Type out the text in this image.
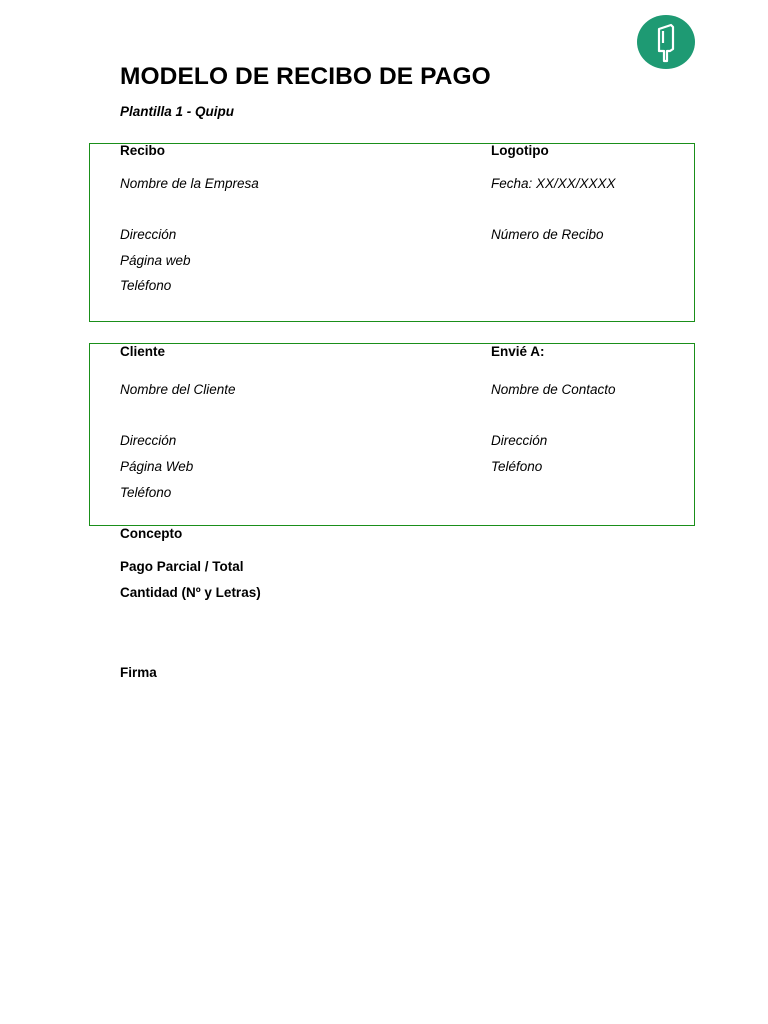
MODELO DE RECIBO DE PAGO
Plantilla 1 - Quipu
Recibo	Logotipo
Nombre de la Empresa	Fecha: XX/XX/XXXX
Dirección	Número de Recibo
Página web
Teléfono
Cliente	Envié A:
Nombre del Cliente	Nombre de Contacto
Dirección	Dirección
Página Web	Teléfono
Teléfono
Concepto
Pago Parcial / Total
Cantidad (Nº y Letras)
Firma
